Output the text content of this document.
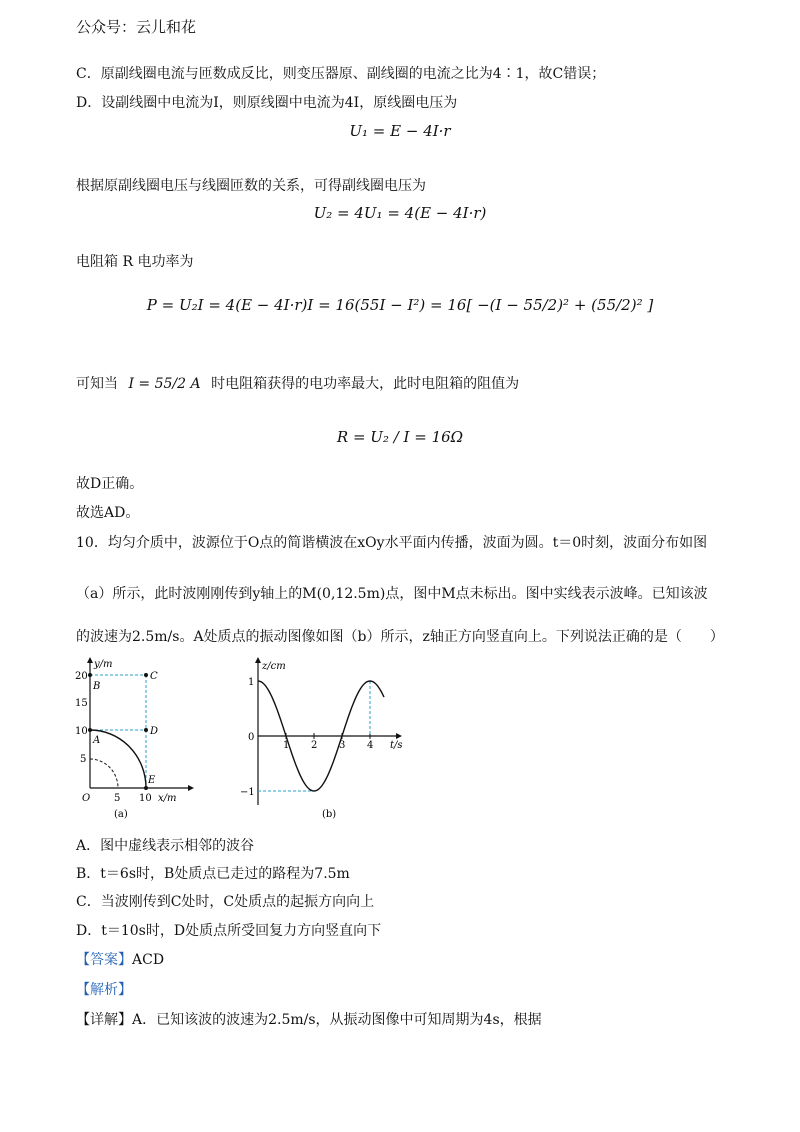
公众号：云儿和花
C．原副线圈电流与匝数成反比，则变压器原、副线圈的电流之比为4∶1，故C错误；
D．设副线圈中电流为I，则原线圈中电流为4I，原线圈电压为
U₁ = E − 4I·r
根据原副线圈电压与线圈匝数的关系，可得副线圈电压为
U₂ = 4U₁ = 4(E − 4I·r)
电阻箱 R 电功率为
P = U₂I = 4(E − 4I·r)I = 16(55I − I²) = 16[ −(I − 55/2)² + (55/2)² ]
可知当 I = 55/2 A 时电阻箱获得的电功率最大，此时电阻箱的阻值为
R = U₂ / I = 16Ω
故D正确。
故选AD。
10．均匀介质中，波源位于O点的简谐横波在xOy水平面内传播，波面为圆。t＝0时刻，波面分布如图
（a）所示，此时波刚刚传到y轴上的M(0,12.5m)点，图中M点未标出。图中实线表示波峰。已知该波
的波速为2.5m/s。A处质点的振动图像如图（b）所示，z轴正方向竖直向上。下列说法正确的是（　　）
y/m
20
15
10
5
O 5 10 x/m
B
C
D
A
E
(a)
z/cm
1
0
−1
1 2 3 4 t/s
(b)
A．图中虚线表示相邻的波谷
B．t＝6s时，B处质点已走过的路程为7.5m
C．当波刚传到C处时，C处质点的起振方向向上
D．t＝10s时，D处质点所受回复力方向竖直向下
【答案】ACD
【解析】
【详解】A．已知该波的波速为2.5m/s，从振动图像中可知周期为4s，根据
